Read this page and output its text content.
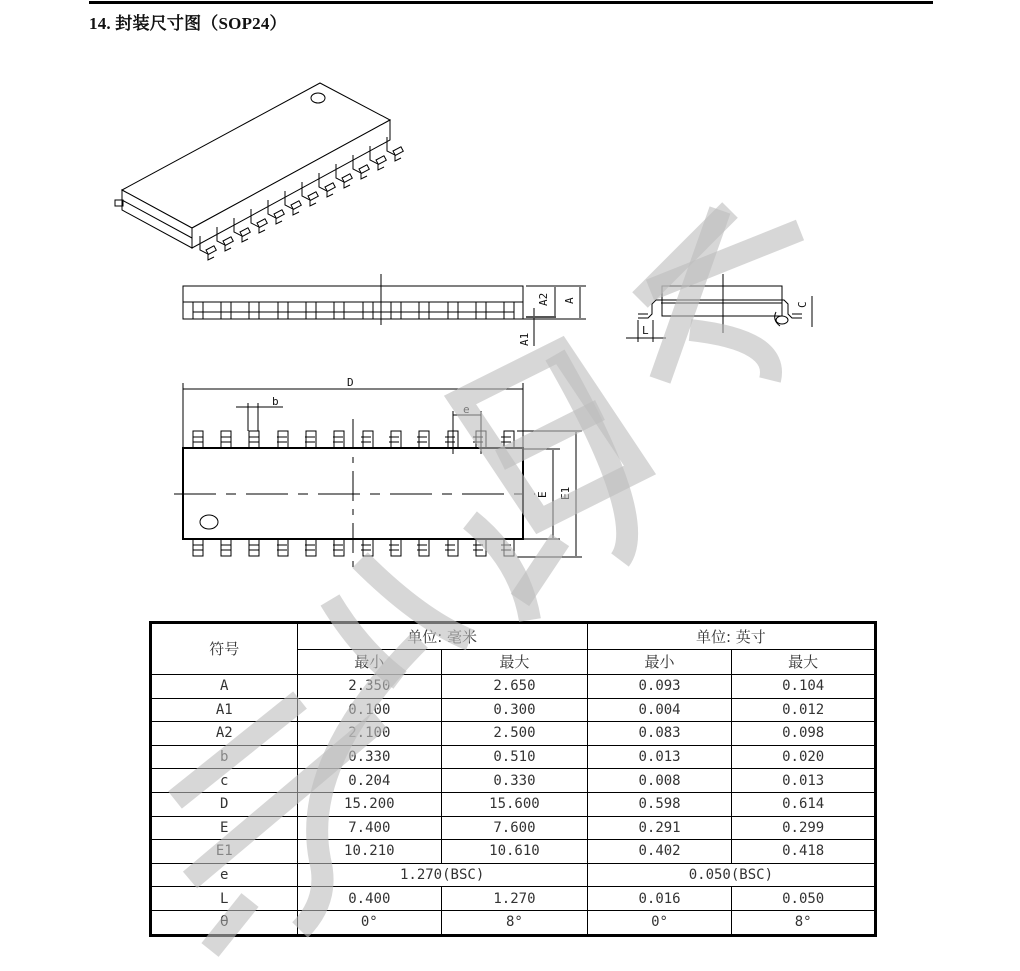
14. 封装尺寸图（SOP24）
A2 A
A1
L
C
D
b
e
E E1
符号	单位: 毫米		单位: 英寸	
	最小	最大	最小	最大
A	2.350	2.650	0.093	0.104
A1	0.100	0.300	0.004	0.012
A2	2.100	2.500	0.083	0.098
b	0.330	0.510	0.013	0.020
c	0.204	0.330	0.008	0.013
D	15.200	15.600	0.598	0.614
E	7.400	7.600	0.291	0.299
E1	10.210	10.610	0.402	0.418
e	1.270(BSC)		0.050(BSC)	
L	0.400	1.270	0.016	0.050
θ	0°	8°	0°	8°
